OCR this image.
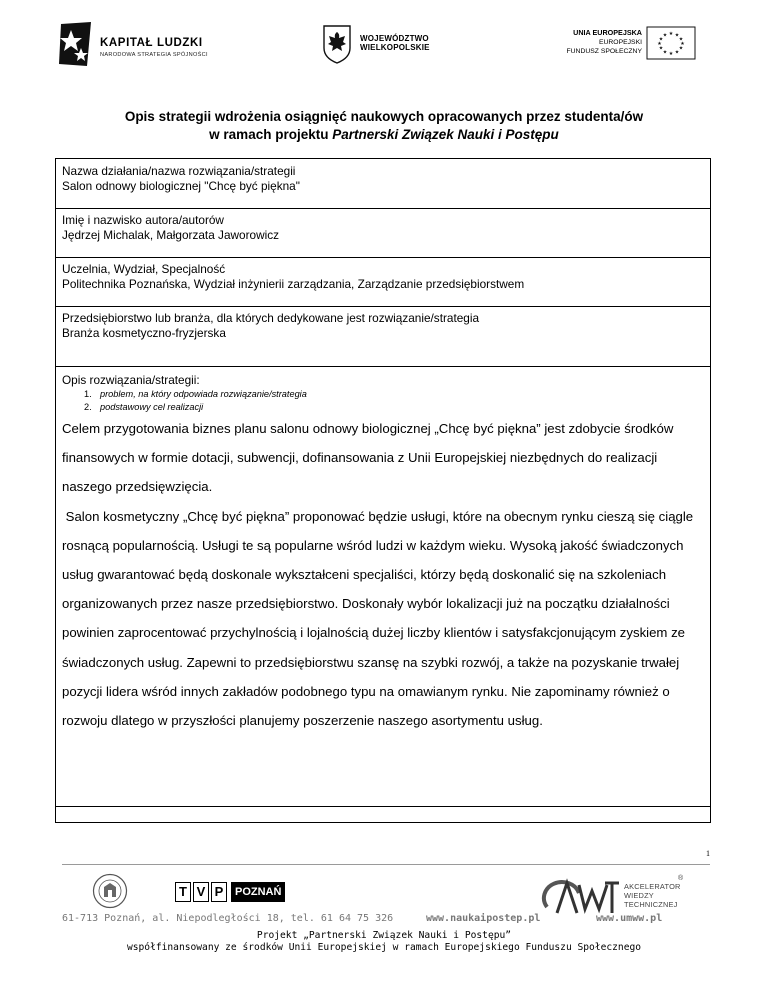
KAPITAŁ LUDZKI
NARODOWA STRATEGIA SPÓJNOŚCI
WOJEWÓDZTWO
WIELKOPOLSKIE
UNIA EUROPEJSKA
EUROPEJSKI
FUNDUSZ SPOŁECZNY
★ ★
★
★
★
★
★
★
★
★
★
★
Opis strategii wdrożenia osiągnięć naukowych opracowanych przez studenta/ów
w ramach projektu Partnerski Związek Nauki i Postępu
Nazwa działania/nazwa rozwiązania/strategii
Salon odnowy biologicznej "Chcę być piękna"
Imię i nazwisko autora/autorów
Jędrzej Michalak, Małgorzata Jaworowicz
Uczelnia, Wydział, Specjalność
Politechnika Poznańska, Wydział inżynierii zarządzania, Zarządzanie przedsiębiorstwem
Przedsiębiorstwo lub branża, dla których dedykowane jest rozwiązanie/strategia
Branża kosmetyczno-fryzjerska
Opis rozwiązania/strategii:
1. problem, na który odpowiada rozwiązanie/strategia
2. podstawowy cel realizacji

Celem przygotowania biznes planu salonu odnowy biologicznej „Chcę być piękna” jest zdobycie środków finansowych w formie dotacji, subwencji, dofinansowania z Unii Europejskiej niezbędnych do realizacji naszego przedsięwzięcia.

Salon kosmetyczny „Chcę być piękna” proponować będzie usługi, które na obecnym rynku cieszą się ciągle rosnącą popularnością. Usługi te są popularne wśród ludzi w każdym wieku. Wysoką jakość świadczonych usług gwarantować będą doskonale wykształceni specjaliści, którzy będą doskonalić się na szkoleniach organizowanych przez nasze przedsiębiorstwo. Doskonały wybór lokalizacji już na początku działalności powinien zaprocentować przychylnością i lojalnością dużej liczby klientów i satysfakcjonującym zyskiem ze świadczonych usług. Zapewni to przedsiębiorstwu szansę na szybki rozwój, a także na pozyskanie trwałej pozycji lidera wśród innych zakładów podobnego typu na omawianym rynku. Nie zapominamy również o rozwoju dlatego w przyszłości planujemy poszerzenie naszego asortymentu usług.

1
T V P	POZNAŃ	AKCELERATOR
WIEDZY
TECHNICZNEJ
®
61-713 Poznań, al. Niepodległości 18, tel. 61 64 75 326	www.naukaipostep.pl	www.umww.pl
Projekt „Partnerski Związek Nauki i Postępu”
współfinansowany ze środków Unii Europejskiej w ramach Europejskiego Funduszu Społecznego
